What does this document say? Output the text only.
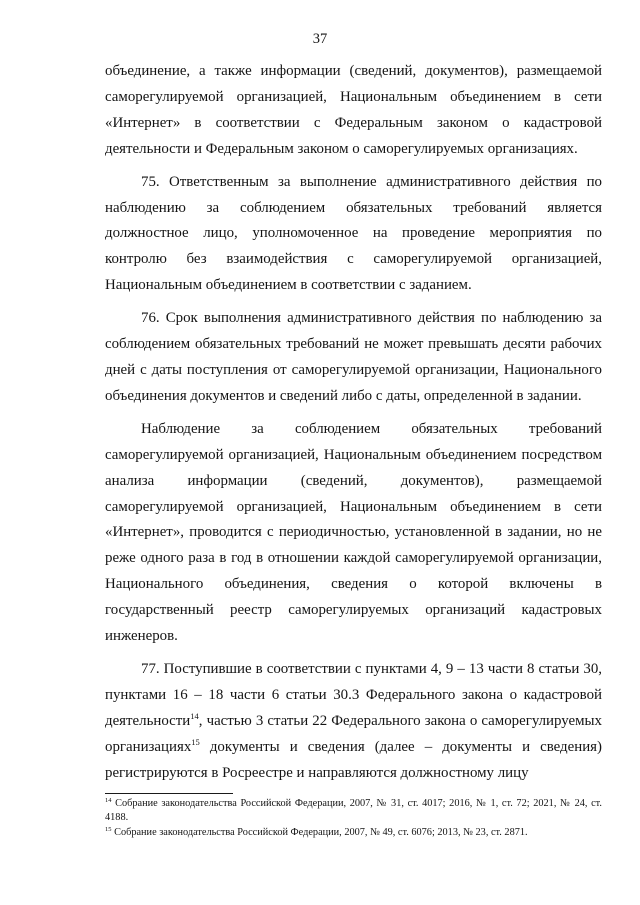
37

объединение, а также информации (сведений, документов), размещаемой саморегулируемой организацией, Национальным объединением в сети «Интернет» в соответствии с Федеральным законом о кадастровой деятельности и Федеральным законом о саморегулируемых организациях.

75. Ответственным за выполнение административного действия по наблюдению за соблюдением обязательных требований является должностное лицо, уполномоченное на проведение мероприятия по контролю без взаимодействия с саморегулируемой организацией, Национальным объединением в соответствии с заданием.

76. Срок выполнения административного действия по наблюдению за соблюдением обязательных требований не может превышать десяти рабочих дней с даты поступления от саморегулируемой организации, Национального объединения документов и сведений либо с даты, определенной в задании.

Наблюдение за соблюдением обязательных требований саморегулируемой организацией, Национальным объединением посредством анализа информации (сведений, документов), размещаемой саморегулируемой организацией, Национальным объединением в сети «Интернет», проводится с периодичностью, установленной в задании, но не реже одного раза в год в отношении каждой саморегулируемой организации, Национального объединения, сведения о которой включены в государственный реестр саморегулируемых организаций кадастровых инженеров.

77. Поступившие в соответствии с пунктами 4, 9 – 13 части 8 статьи 30, пунктами 16 – 18 части 6 статьи 30.3 Федерального закона о кадастровой деятельности$^{14}$, частью 3 статьи 22 Федерального закона о саморегулируемых организациях$^{15}$ документы и сведения (далее – документы и сведения) регистрируются в Росреестре и направляются должностному лицу

$^{14}$ Собрание законодательства Российской Федерации, 2007, № 31, ст. 4017; 2016, № 1, ст. 72; 2021, № 24, ст. 4188.

$^{15}$ Собрание законодательства Российской Федерации, 2007, № 49, ст. 6076; 2013, № 23, ст. 2871.
